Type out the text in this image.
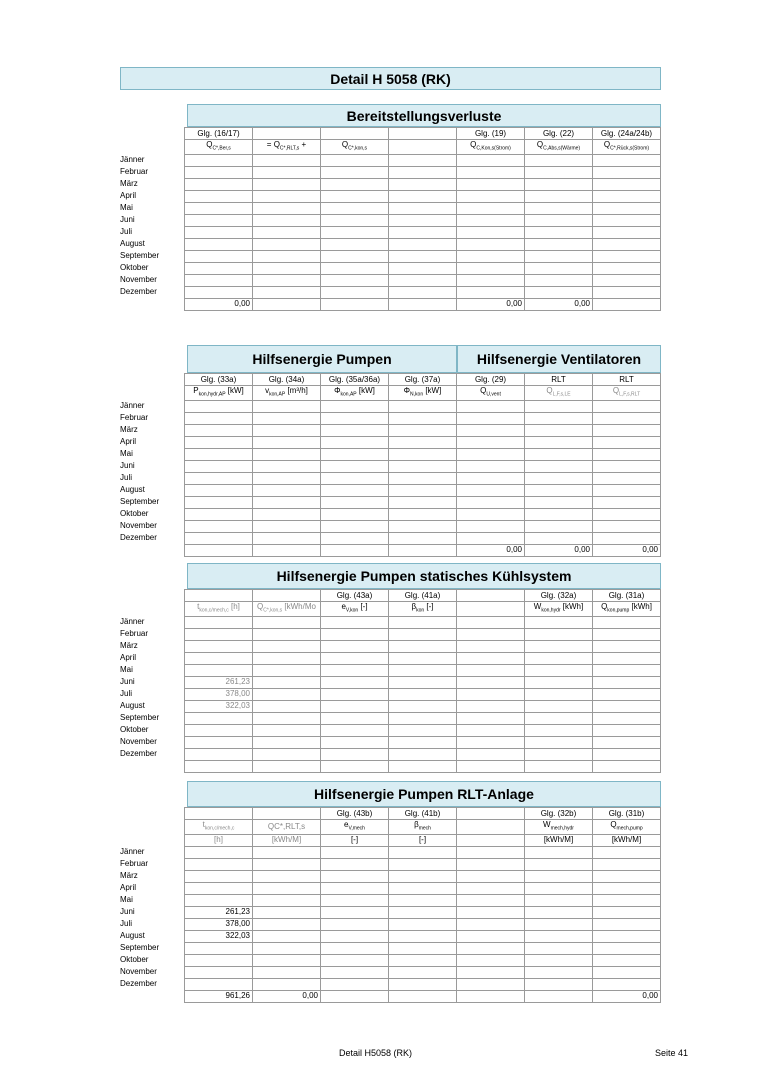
Detail H 5058 (RK)
Bereitstellungsverluste
	Glg. (16/17)				Glg. (19)	Glg. (22)	Glg. (24a/24b)
	$Q_{C*,Ber,s}$	= $Q_{C*,RLT,s}$ +	$Q_{C*,kon,s}$		$Q_{C,Kon,s(Strom)}$	$Q_{C,Abs,s(Wärme)}$	$Q_{C*,Rück,s(Strom)}$
Jänner							
Februar							
März							
April							
Mai							
Juni							
Juli							
August							
September							
Oktober							
November							
Dezember							
	0,00				0,00	0,00	
Hilfsenergie Pumpen	Hilfsenergie Ventilatoren
	Glg. (33a)	Glg. (34a)	Glg. (35a/36a)	Glg. (37a)	Glg. (29)	RLT	RLT
	$P_{kon,hydr,AP}$ [kW]	$v_{kon,AP}$ [m³/h]	$\Phi_{kon,AP}$ [kW]	$\Phi_{N,kon}$ [kW]	$Q_{U,vent}$	$Q_{L,F,s,LE}$	$Q_{L,F,s,RLT}$
Jänner							
Februar							
März							
April							
Mai							
Juni							
Juli							
August							
September							
Oktober							
November							
Dezember							
					0,00	0,00	0,00
Hilfsenergie Pumpen statisches Kühlsystem
			Glg. (43a)	Glg. (41a)		Glg. (32a)	Glg. (31a)
	$t_{kon,c/mech,c}$ [h]	$Q_{C*,kon,s}$ [kWh/Mo	$e_{V,kon}$ [-]	$\beta_{kon}$ [-]		$W_{kon,hydr}$ [kWh]	$Q_{kon,pump}$ [kWh]
Jänner							
Februar							
März							
April							
Mai							
Juni	261,23						
Juli	378,00						
August	322,03						
September							
Oktober							
November							
Dezember							

Hilfsenergie Pumpen RLT-Anlage
			Glg. (43b)	Glg. (41b)		Glg. (32b)	Glg. (31b)
	$t_{kon,c/mech,c}$	QC*,RLT,s	$e_{V,mech}$	$\beta_{mech}$		$W_{mech,hydr}$	$Q_{mech,pump}$
	[h]	[kWh/M]	[-]	[-]		[kWh/M]	[kWh/M]
Jänner							
Februar							
März							
April							
Mai							
Juni	261,23						
Juli	378,00						
August	322,03						
September							
Oktober							
November							
Dezember							
	961,26	0,00					0,00
Detail H5058 (RK)	Seite 41
